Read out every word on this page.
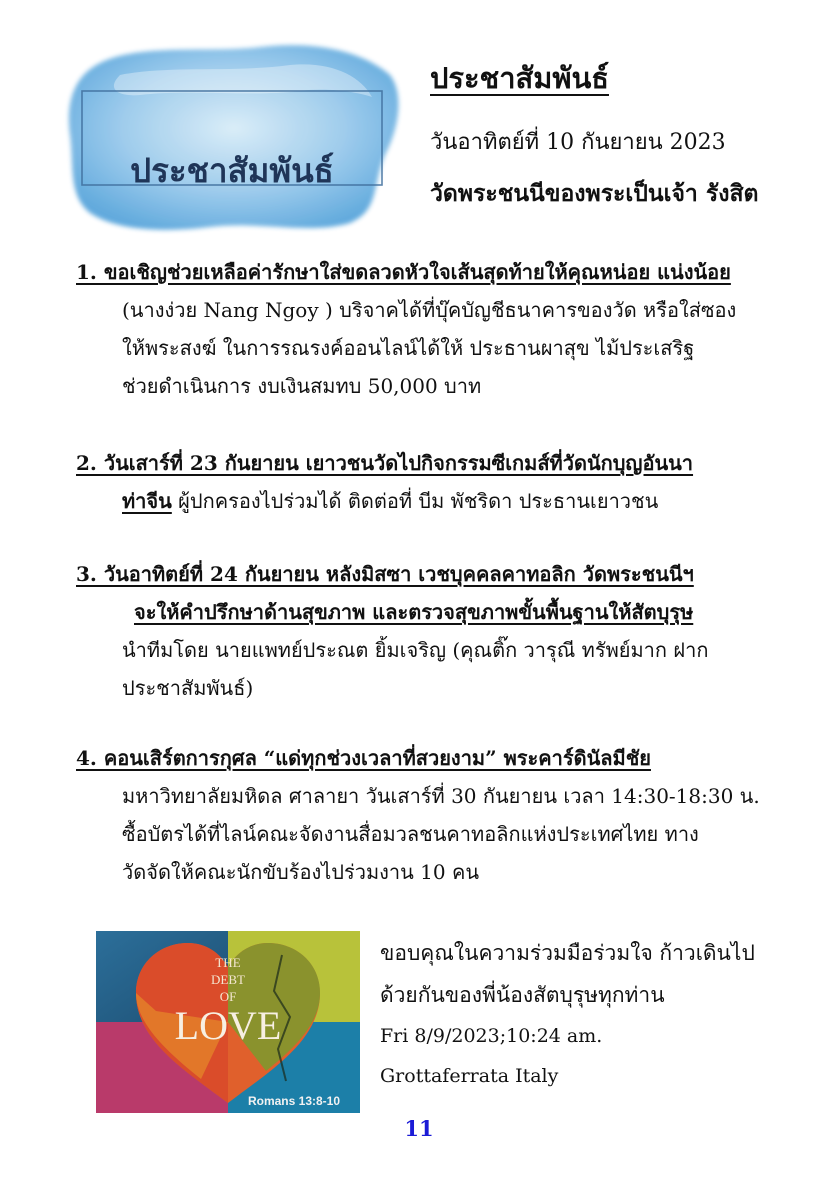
ประชาสัมพันธ์
ประชาสัมพันธ์
วันอาทิตย์ที่ 10 กันยายน 2023
วัดพระชนนีของพระเป็นเจ้า รังสิต
1. ขอเชิญช่วยเหลือค่ารักษาใส่ขดลวดหัวใจเส้นสุดท้ายให้คุณหน่อย แน่งน้อย
(นางง่วย Nang Ngoy ) บริจาคได้ที่บุ๊คบัญชีธนาคารของวัด หรือใส่ซอง
ให้พระสงฆ์ ในการรณรงค์ออนไลน์ได้ให้ ประธานผาสุข ไม้ประเสริฐ
ช่วยดำเนินการ งบเงินสมทบ 50,000 บาท
2. วันเสาร์ที่ 23 กันยายน เยาวชนวัดไปกิจกรรมซีเกมส์ที่วัดนักบุญอันนา
ท่าจีน ผู้ปกครองไปร่วมได้ ติดต่อที่ บีม พัชริดา ประธานเยาวชน
3. วันอาทิตย์ที่ 24 กันยายน หลังมิสซา เวชบุคคลคาทอลิก วัดพระชนนีฯ
จะให้คำปรึกษาด้านสุขภาพ และตรวจสุขภาพขั้นพื้นฐานให้สัตบุรุษ
นำทีมโดย นายแพทย์ประณต ยิ้มเจริญ (คุณติ๊ก วารุณี ทรัพย์มาก ฝาก
ประชาสัมพันธ์)
4. คอนเสิร์ตการกุศล “แด่ทุกช่วงเวลาที่สวยงาม” พระคาร์ดินัลมีชัย
มหาวิทยาลัยมหิดล ศาลายา วันเสาร์ที่ 30 กันยายน เวลา 14:30-18:30 น.
ซื้อบัตรได้ที่ไลน์คณะจัดงานสื่อมวลชนคาทอลิกแห่งประเทศไทย ทาง
วัดจัดให้คณะนักขับร้องไปร่วมงาน 10 คน
THE
DEBT
OF
LOVE
Romans 13:8-10
ขอบคุณในความร่วมมือร่วมใจ ก้าวเดินไป
ด้วยกันของพี่น้องสัตบุรุษทุกท่าน
Fri 8/9/2023;10:24 am.
Grottaferrata Italy
11
